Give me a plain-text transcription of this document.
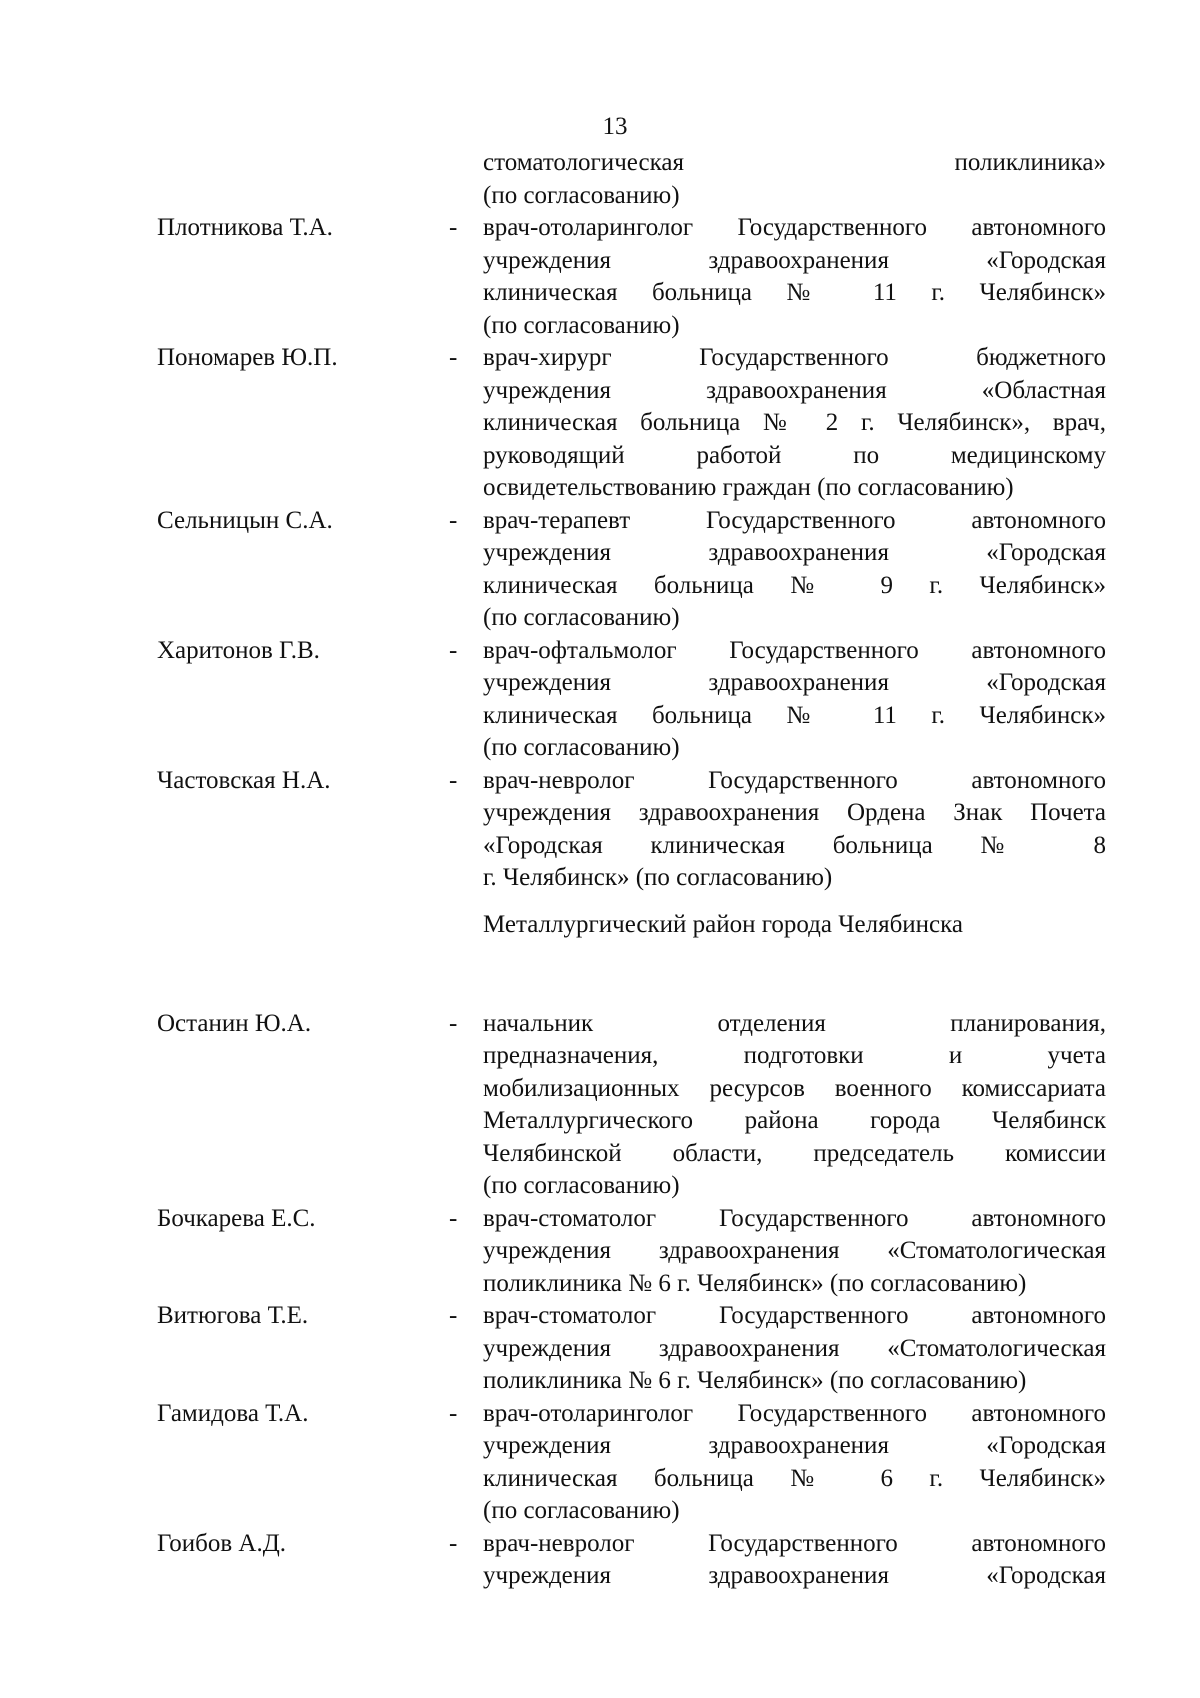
13
стоматологическая поликлиника»
(по согласованию)
Плотникова Т.А.	- врач-отоларинголог Государственного автономного
учреждения здравоохранения «Городская
клиническая больница № 11 г. Челябинск»
(по согласованию)
Пономарев Ю.П.	- врач-хирург Государственного бюджетного
учреждения здравоохранения «Областная
клиническая больница № 2 г. Челябинск», врач,
руководящий работой по медицинскому
освидетельствованию граждан (по согласованию)
Сельницын С.А.	- врач-терапевт Государственного автономного
учреждения здравоохранения «Городская
клиническая больница № 9 г. Челябинск»
(по согласованию)
Харитонов Г.В.	- врач-офтальмолог Государственного автономного
учреждения здравоохранения «Городская
клиническая больница № 11 г. Челябинск»
(по согласованию)
Частовская Н.А.	- врач-невролог Государственного автономного
учреждения здравоохранения Ордена Знак Почета
«Городская клиническая больница № 8
г. Челябинск» (по согласованию)
Металлургический район города Челябинска
Останин Ю.А.	- начальник отделения планирования,
предназначения, подготовки и учета
мобилизационных ресурсов военного комиссариата
Металлургического района города Челябинск
Челябинской области, председатель комиссии
(по согласованию)
Бочкарева Е.С.	- врач-стоматолог Государственного автономного
учреждения здравоохранения «Стоматологическая
поликлиника № 6 г. Челябинск» (по согласованию)
Витюгова Т.Е.	- врач-стоматолог Государственного автономного
учреждения здравоохранения «Стоматологическая
поликлиника № 6 г. Челябинск» (по согласованию)
Гамидова Т.А.	- врач-отоларинголог Государственного автономного
учреждения здравоохранения «Городская
клиническая больница № 6 г. Челябинск»
(по согласованию)
Гоибов А.Д.	- врач-невролог Государственного автономного
учреждения здравоохранения «Городская
